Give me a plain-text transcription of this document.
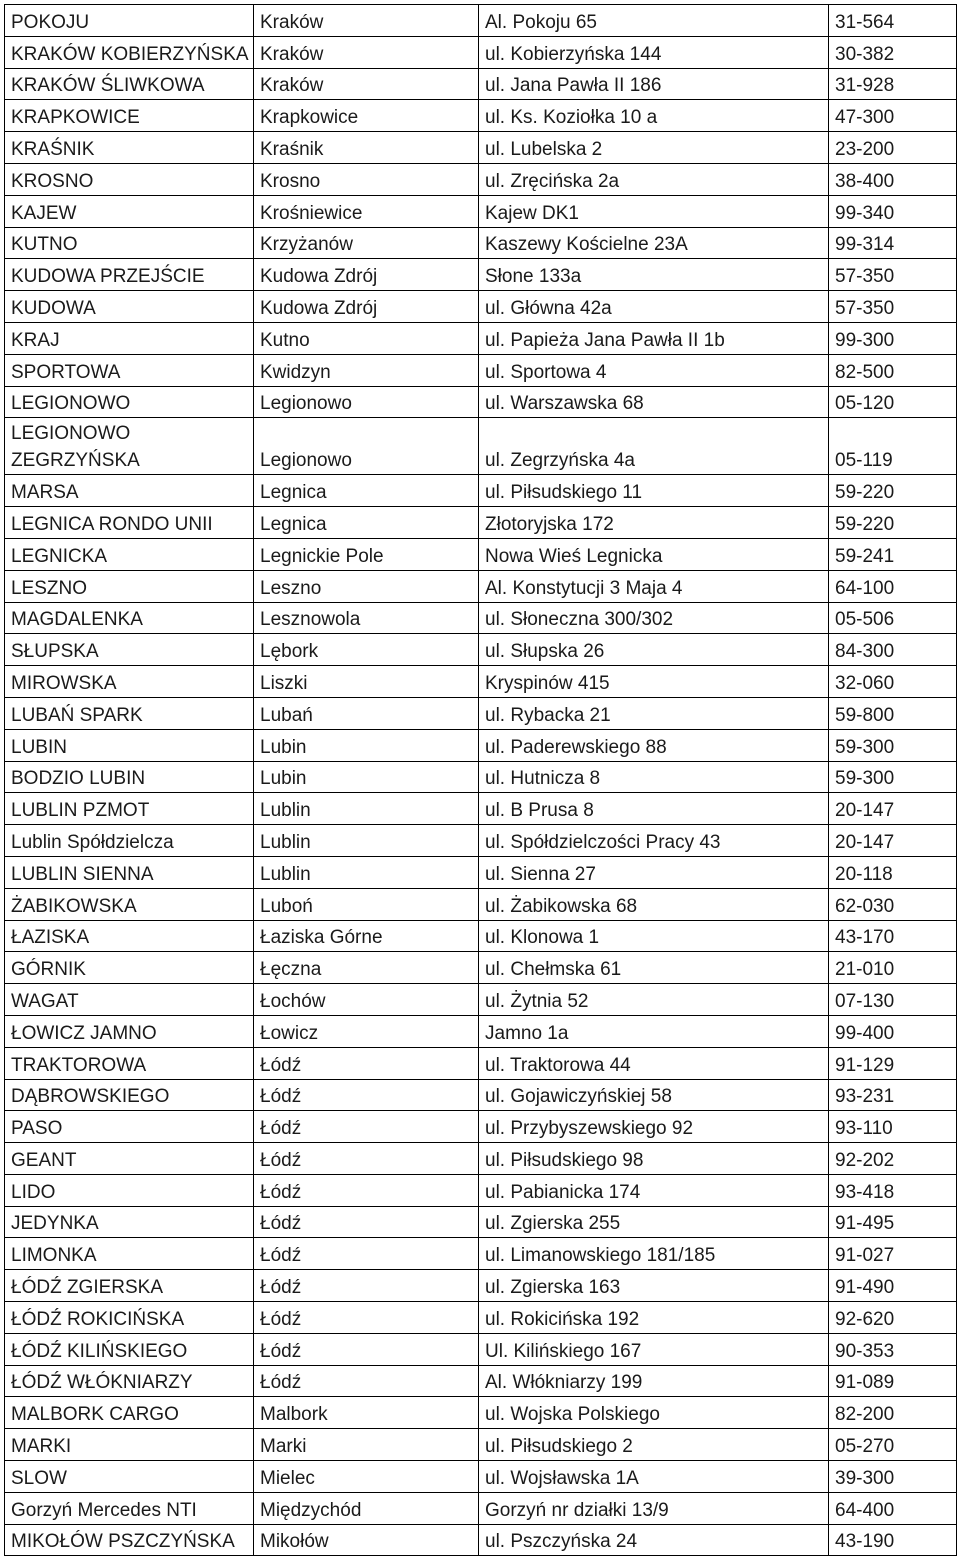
POKOJU	Kraków	Al. Pokoju 65	31-564
KRAKÓW KOBIERZYŃSKA	Kraków	ul. Kobierzyńska 144	30-382
KRAKÓW ŚLIWKOWA	Kraków	ul. Jana Pawła II 186	31-928
KRAPKOWICE	Krapkowice	ul. Ks. Koziołka 10 a	47-300
KRAŚNIK	Kraśnik	ul. Lubelska 2	23-200
KROSNO	Krosno	ul. Zręcińska 2a	38-400
KAJEW	Krośniewice	Kajew DK1	99-340
KUTNO	Krzyżanów	Kaszewy Kościelne 23A	99-314
KUDOWA PRZEJŚCIE	Kudowa Zdrój	Słone 133a	57-350
KUDOWA	Kudowa Zdrój	ul. Główna 42a	57-350
KRAJ	Kutno	ul. Papieża Jana Pawła II 1b	99-300
SPORTOWA	Kwidzyn	ul. Sportowa 4	82-500
LEGIONOWO	Legionowo	ul. Warszawska 68	05-120
LEGIONOWO ZEGRZYŃSKA	Legionowo	ul. Zegrzyńska 4a	05-119
MARSA	Legnica	ul. Piłsudskiego 11	59-220
LEGNICA RONDO UNII	Legnica	Złotoryjska 172	59-220
LEGNICKA	Legnickie Pole	Nowa Wieś Legnicka	59-241
LESZNO	Leszno	Al. Konstytucji 3 Maja 4	64-100
MAGDALENKA	Lesznowola	ul. Słoneczna 300/302	05-506
SŁUPSKA	Lębork	ul. Słupska 26	84-300
MIROWSKA	Liszki	Kryspinów 415	32-060
LUBAŃ SPARK	Lubań	ul. Rybacka 21	59-800
LUBIN	Lubin	ul. Paderewskiego 88	59-300
BODZIO LUBIN	Lubin	ul. Hutnicza 8	59-300
LUBLIN PZMOT	Lublin	ul. B Prusa 8	20-147
Lublin Spółdzielcza	Lublin	ul. Spółdzielczości Pracy 43	20-147
LUBLIN SIENNA	Lublin	ul. Sienna 27	20-118
ŻABIKOWSKA	Luboń	ul. Żabikowska 68	62-030
ŁAZISKA	Łaziska Górne	ul. Klonowa 1	43-170
GÓRNIK	Łęczna	ul. Chełmska 61	21-010
WAGAT	Łochów	ul. Żytnia 52	07-130
ŁOWICZ JAMNO	Łowicz	Jamno 1a	99-400
TRAKTOROWA	Łódź	ul. Traktorowa 44	91-129
DĄBROWSKIEGO	Łódź	ul. Gojawiczyńskiej 58	93-231
PASO	Łódź	ul. Przybyszewskiego 92	93-110
GEANT	Łódź	ul. Piłsudskiego 98	92-202
LIDO	Łódź	ul. Pabianicka 174	93-418
JEDYNKA	Łódź	ul. Zgierska 255	91-495
LIMONKA	Łódź	ul. Limanowskiego 181/185	91-027
ŁÓDŹ ZGIERSKA	Łódź	ul. Zgierska 163	91-490
ŁÓDŹ ROKICIŃSKA	Łódź	ul. Rokicińska 192	92-620
ŁÓDŹ KILIŃSKIEGO	Łódź	Ul. Kilińskiego 167	90-353
ŁÓDŹ WŁÓKNIARZY	Łódź	Al. Włókniarzy 199	91-089
MALBORK CARGO	Malbork	ul. Wojska Polskiego	82-200
MARKI	Marki	ul. Piłsudskiego 2	05-270
SLOW	Mielec	ul. Wojsławska 1A	39-300
Gorzyń Mercedes NTI	Międzychód	Gorzyń nr działki 13/9	64-400
MIKOŁÓW PSZCZYŃSKA	Mikołów	ul. Pszczyńska 24	43-190
